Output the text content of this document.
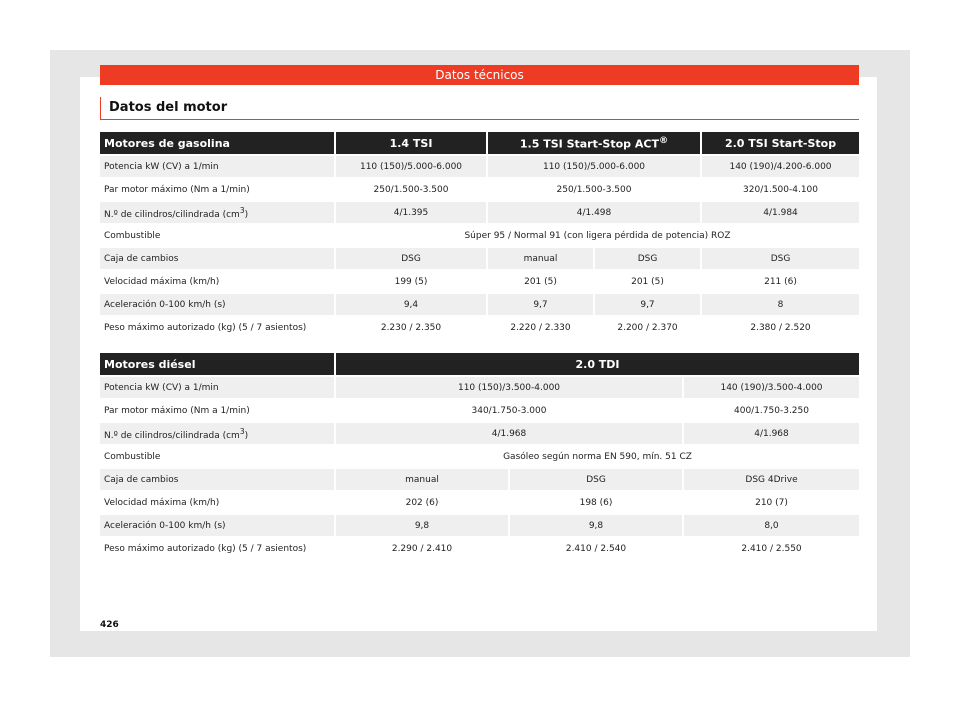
Datos técnicos
Datos del motor
Motores de gasolina	1.4 TSI	1.5 TSI Start-Stop ACT®		2.0 TSI Start-Stop
Potencia kW (CV) a 1/min	110 (150)/5.000-6.000	110 (150)/5.000-6.000		140 (190)/4.200-6.000
Par motor máximo (Nm a 1/min)	250/1.500-3.500	250/1.500-3.500		320/1.500-4.100
N.º de cilindros/cilindrada $(cm^3)$	4/1.395	4/1.498		4/1.984
Combustible	Súper 95 / Normal 91 (con ligera pérdida de potencia) ROZ			
Caja de cambios	DSG	manual	DSG	DSG
Velocidad máxima (km/h)	199 (5)	201 (5)	201 (5)	211 (6)
Aceleración 0-100 km/h (s)	9,4	9,7	9,7	8
Peso máximo autorizado (kg) (5 / 7 asientos)	2.230 / 2.350	2.220 / 2.330	2.200 / 2.370	2.380 / 2.520
Motores diésel	2.0 TDI		
Potencia kW (CV) a 1/min	110 (150)/3.500-4.000		140 (190)/3.500-4.000
Par motor máximo (Nm a 1/min)	340/1.750-3.000		400/1.750-3.250
N.º de cilindros/cilindrada $(cm^3)$	4/1.968		4/1.968
Combustible	Gasóleo según norma EN 590, mín. 51 CZ		
Caja de cambios	manual	DSG	DSG 4Drive
Velocidad máxima (km/h)	202 (6)	198 (6)	210 (7)
Aceleración 0-100 km/h (s)	9,8	9,8	8,0
Peso máximo autorizado (kg) (5 / 7 asientos)	2.290 / 2.410	2.410 / 2.540	2.410 / 2.550
426
